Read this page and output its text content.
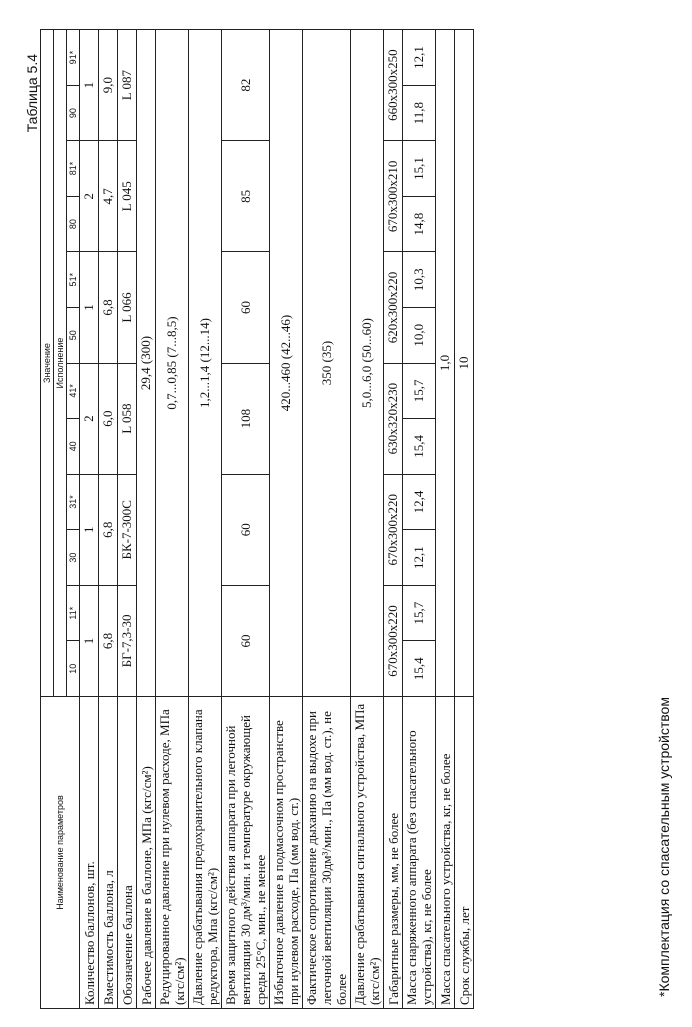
Таблица 5.4
Наименование параметров	Значение											
	Исполнение											
	10	11*	30	31*	40	41*	50	51*	80	81*	90	91*
Количество баллонов, шт.	1		1		2		1		2		1	
Вместимость баллона, л	6,8		6,8		6,0		6,8		4,7		9,0	
Обозначение баллона	БГ-7,3-30		БК-7-300С		L 058		L 066		L 045		L 087	
Рабочее давление в баллоне, МПа (кгс/см²)	29,4 (300)											
Редуцированное давление при нулевом расходе, МПа (кгс/см²)	0,7...0,85 (7...8,5)											
Давление срабатывания предохранительного клапана редуктора, Мпа (кгс/см²)	1,2...1,4 (12...14)											
Время защитного действия аппарата при легочной вентиляции 30 дм³/мин. и температуре окружающей среды 25°С, мин., не менее	60		60		108		60		85		82	
Избыточное давление в подмасочном пространстве при нулевом расходе, Па (мм вод. ст.)	420...460 (42...46)											
Фактическое сопротивление дыханию на выдохе при легочной вентиляции 30дм³/мин., Па (мм вод. ст.), не более	350 (35)											
Давление срабатывания сигнального устройства, МПа (кгс/см²)	5,0...6,0 (50...60)											
Габаритные размеры, мм, не более	670х300х220		670х300х220		630х320х230		620х300х220		670х300х210		660х300х250	
Масса снаряженного аппарата (без спасательного устройства), кг, не более	15,4	15,7	12,1	12,4	15,4	15,7	10,0	10,3	14,8	15,1	11,8	12,1
Масса спасательного устройства, кг, не более	1,0											
Срок службы, лет	10											
*Комплектация со спасательным устройством
